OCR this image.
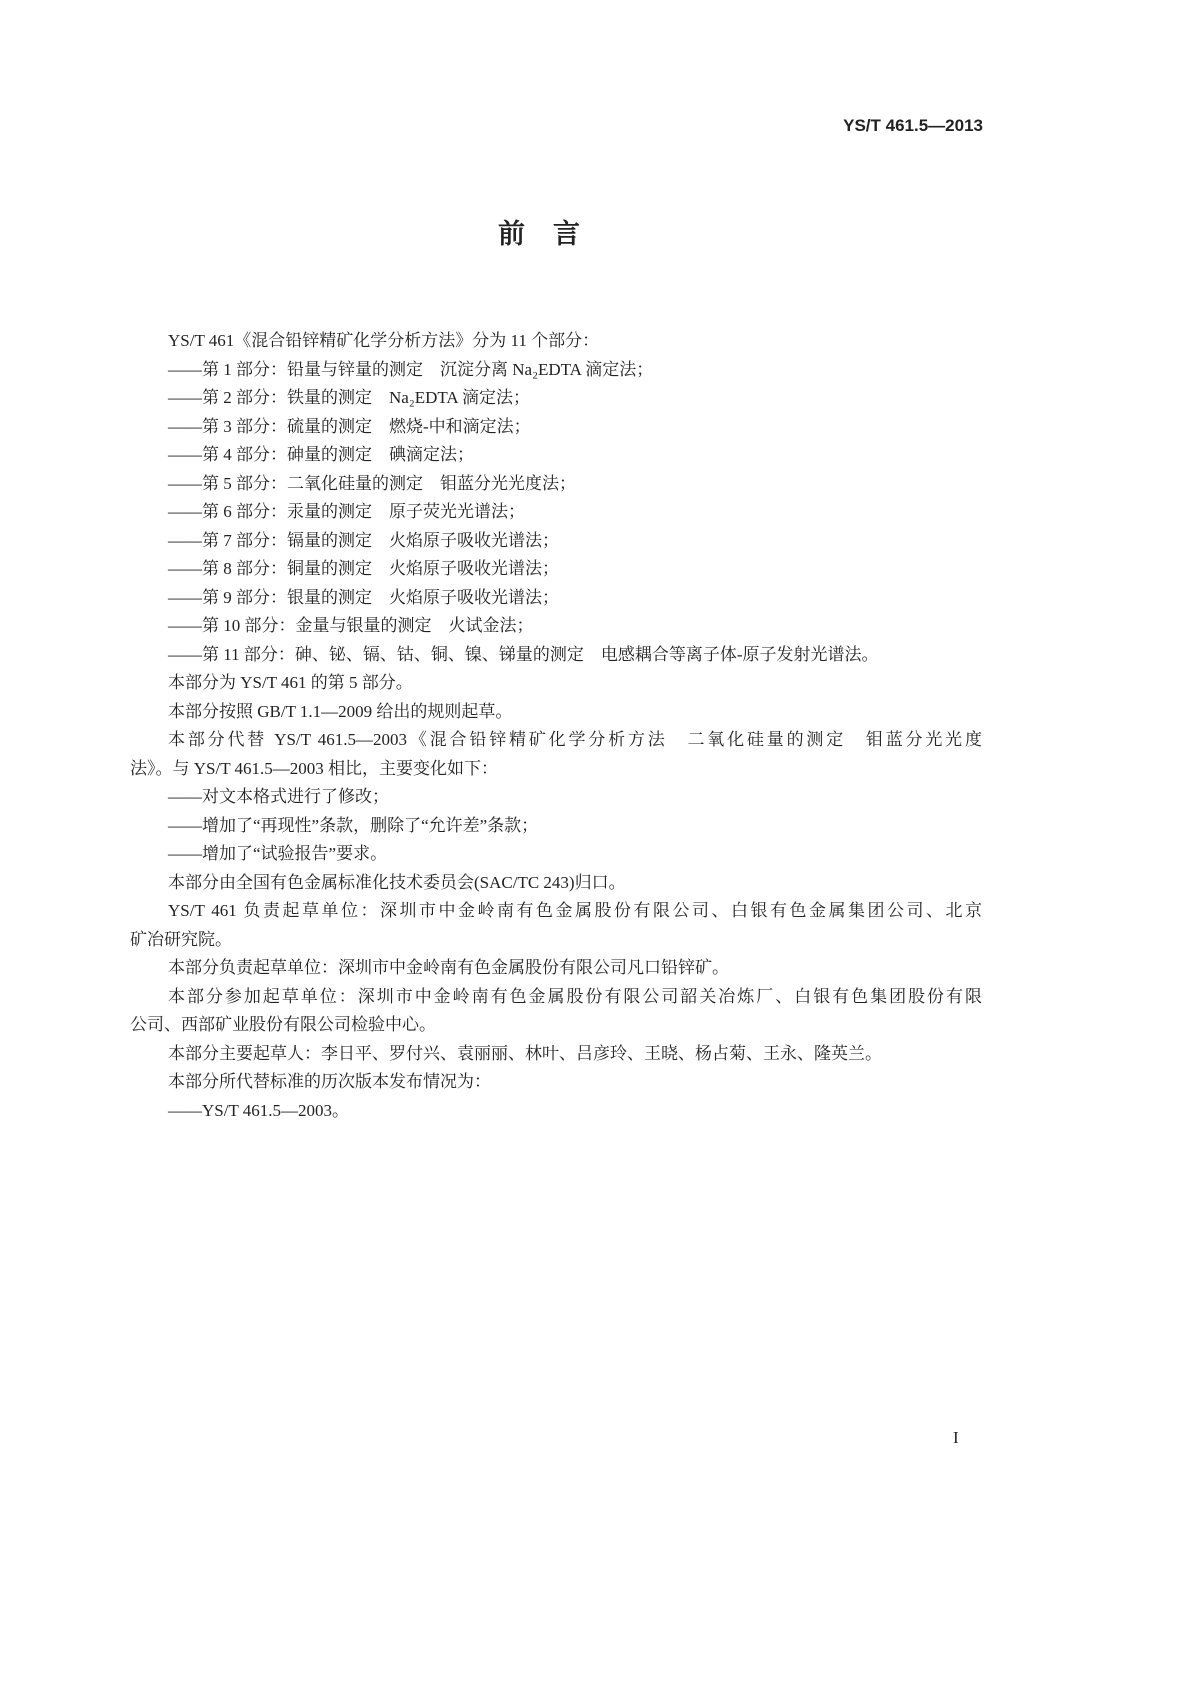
YS/T 461.5—2013
前言
YS/T 461《混合铅锌精矿化学分析方法》分为 11 个部分：
——第 1 部分：铅量与锌量的测定　沉淀分离 Na₂EDTA 滴定法；
——第 2 部分：铁量的测定　Na₂EDTA 滴定法；
——第 3 部分：硫量的测定　燃烧-中和滴定法；
——第 4 部分：砷量的测定　碘滴定法；
——第 5 部分：二氧化硅量的测定　钼蓝分光光度法；
——第 6 部分：汞量的测定　原子荧光光谱法；
——第 7 部分：镉量的测定　火焰原子吸收光谱法；
——第 8 部分：铜量的测定　火焰原子吸收光谱法；
——第 9 部分：银量的测定　火焰原子吸收光谱法；
——第 10 部分：金量与银量的测定　火试金法；
——第 11 部分：砷、铋、镉、钴、铜、镍、锑量的测定　电感耦合等离子体-原子发射光谱法。
本部分为 YS/T 461 的第 5 部分。
本部分按照 GB/T 1.1—2009 给出的规则起草。
本部分代替 YS/T 461.5—2003《混合铅锌精矿化学分析方法　二氧化硅量的测定　钼蓝分光光度
法》。与 YS/T 461.5—2003 相比，主要变化如下：
——对文本格式进行了修改；
——增加了“再现性”条款，删除了“允许差”条款；
——增加了“试验报告”要求。
本部分由全国有色金属标准化技术委员会(SAC/TC 243)归口。
YS/T 461 负责起草单位：深圳市中金岭南有色金属股份有限公司、白银有色金属集团公司、北京
矿冶研究院。
本部分负责起草单位：深圳市中金岭南有色金属股份有限公司凡口铅锌矿。
本部分参加起草单位：深圳市中金岭南有色金属股份有限公司韶关冶炼厂、白银有色集团股份有限
公司、西部矿业股份有限公司检验中心。
本部分主要起草人：李日平、罗付兴、袁丽丽、林叶、吕彦玲、王晓、杨占菊、王永、隆英兰。
本部分所代替标准的历次版本发布情况为：
——YS/T 461.5—2003。
I
